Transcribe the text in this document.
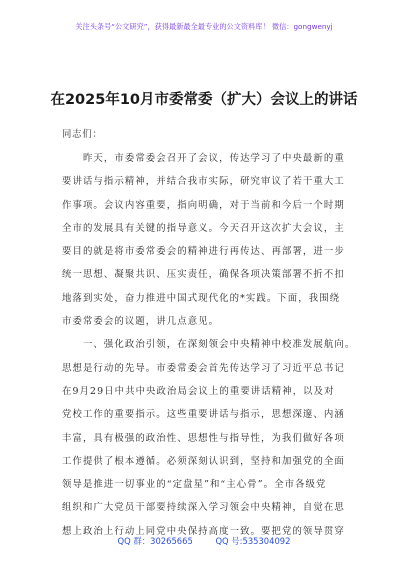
关注头条号“公文研究”，获得最新最全最专业的公文资料库！ 微信：gongwenyj
在2025年10月市委常委（扩大）会议上的讲话
同志们：
　　昨天，市委常委会召开了会议，传达学习了中央最新的重
要讲话与指示精神，并结合我市实际，研究审议了若干重大工
作事项。会议内容重要，指向明确，对于当前和今后一个时期
全市的发展具有关键的指导意义。今天召开这次扩大会议，主
要目的就是将市委常委会的精神进行再传达、再部署，进一步
统一思想、凝聚共识、压实责任，确保各项决策部署不折不扣
地落到实处，奋力推进中国式现代化的*实践。下面，我围绕
市委常委会的议题，讲几点意见。
　　一、强化政治引领，在深刻领会中央精神中校准发展航向。
思想是行动的先导。市委常委会首先传达学习了习近平总书记
在9月29日中共中央政治局会议上的重要讲话精神，以及对
党校工作的重要指示。这些重要讲话与指示，思想深邃、内涵
丰富，具有极强的政治性、思想性与指导性，为我们做好各项
工作提供了根本遵循。必须深刻认识到，坚持和加强党的全面
领导是推进一切事业的“定盘星”和“主心骨”。全市各级党
组织和广大党员干部要持续深入学习领会中央精神，自觉在思
想上政治上行动上同党中央保持高度一致。要把党的领导贯穿
QQ 群：30265665	QQ 号:535304092
